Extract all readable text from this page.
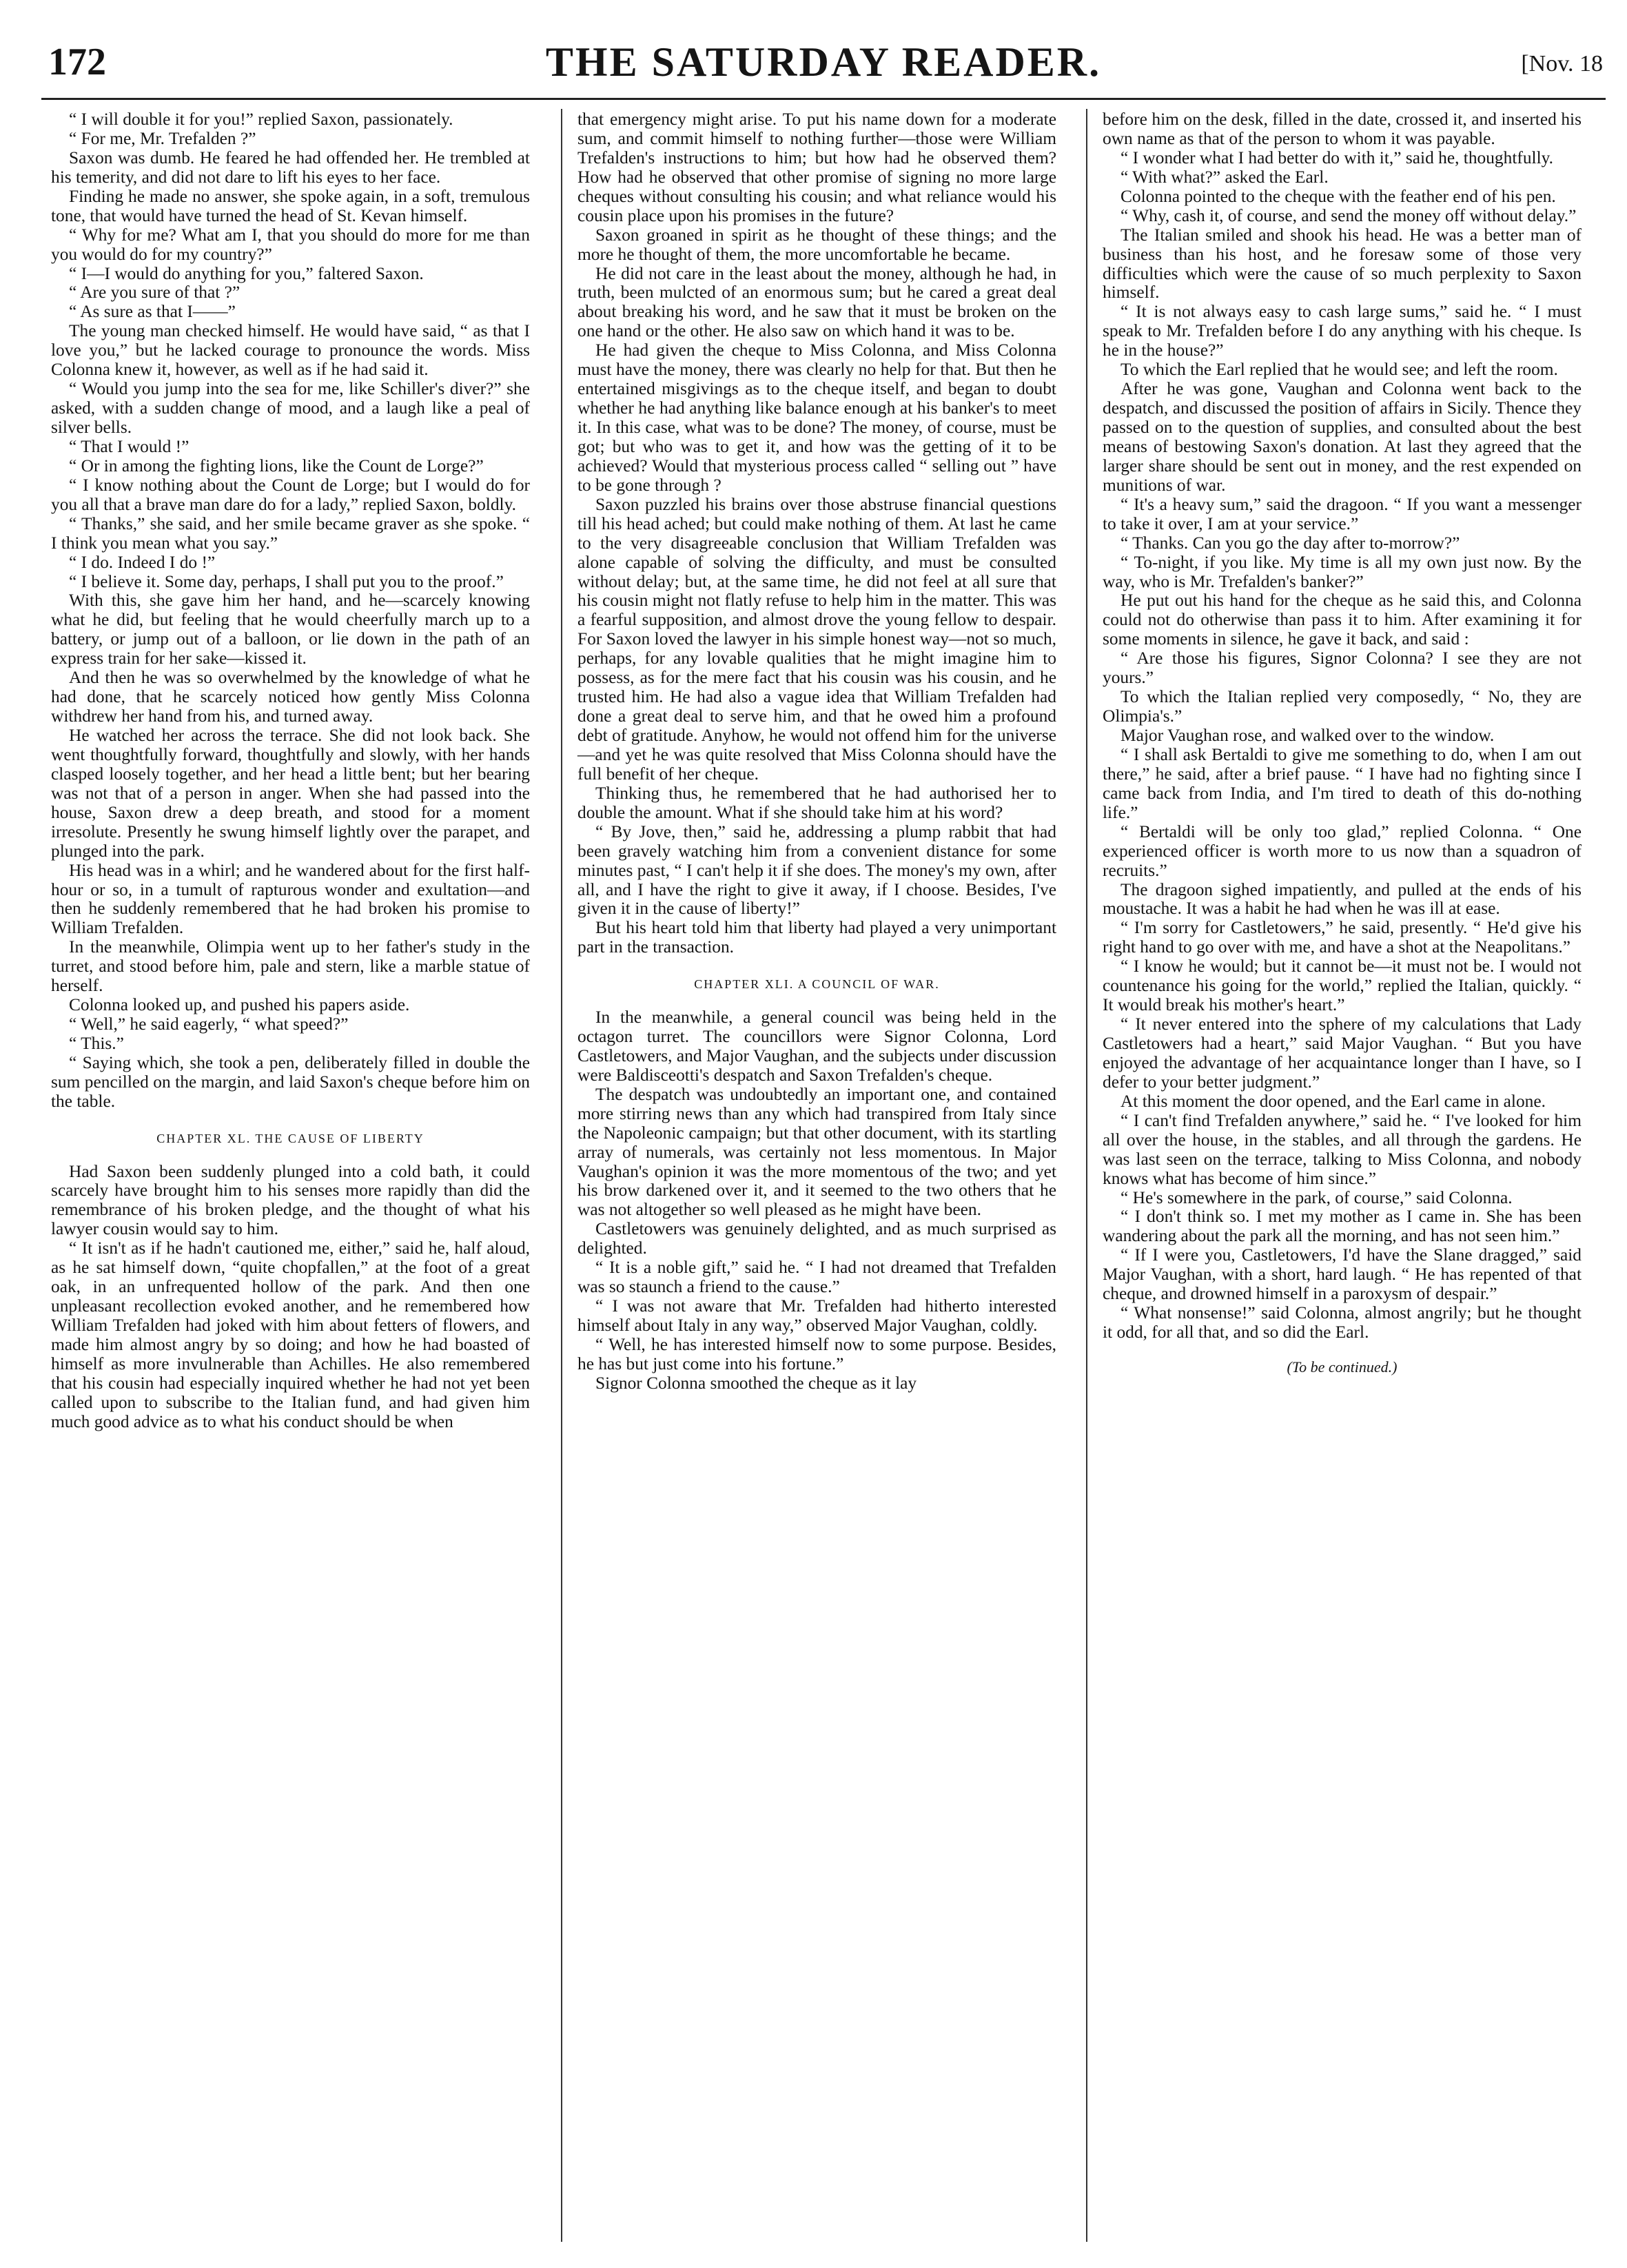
172	THE SATURDAY READER.	[Nov. 18

“ I will double it for you!” replied Saxon, passionately.

“ For me, Mr. Trefalden ?”

Saxon was dumb. He feared he had offended her. He trembled at his temerity, and did not dare to lift his eyes to her face.

Finding he made no answer, she spoke again, in a soft, tremulous tone, that would have turned the head of St. Kevan himself.

“ Why for me? What am I, that you should do more for me than you would do for my country?”

“ I—I would do anything for you,” faltered Saxon.

“ Are you sure of that ?”

“ As sure as that I——”

The young man checked himself. He would have said, “ as that I love you,” but he lacked courage to pronounce the words. Miss Colonna knew it, however, as well as if he had said it.

“ Would you jump into the sea for me, like Schiller's diver?” she asked, with a sudden change of mood, and a laugh like a peal of silver bells.

“ That I would !”

“ Or in among the fighting lions, like the Count de Lorge?”

“ I know nothing about the Count de Lorge; but I would do for you all that a brave man dare do for a lady,” replied Saxon, boldly.

“ Thanks,” she said, and her smile became graver as she spoke. “ I think you mean what you say.”

“ I do. Indeed I do !”

“ I believe it. Some day, perhaps, I shall put you to the proof.”

With this, she gave him her hand, and he—scarcely knowing what he did, but feeling that he would cheerfully march up to a battery, or jump out of a balloon, or lie down in the path of an express train for her sake—kissed it.

And then he was so overwhelmed by the knowledge of what he had done, that he scarcely noticed how gently Miss Colonna withdrew her hand from his, and turned away.

He watched her across the terrace. She did not look back. She went thoughtfully forward, thoughtfully and slowly, with her hands clasped loosely together, and her head a little bent; but her bearing was not that of a person in anger. When she had passed into the house, Saxon drew a deep breath, and stood for a moment irresolute. Presently he swung himself lightly over the parapet, and plunged into the park.

His head was in a whirl; and he wandered about for the first half-hour or so, in a tumult of rapturous wonder and exultation—and then he suddenly remembered that he had broken his promise to William Trefalden.

In the meanwhile, Olimpia went up to her father's study in the turret, and stood before him, pale and stern, like a marble statue of herself.

Colonna looked up, and pushed his papers aside.

“ Well,” he said eagerly, “ what speed?”

“ This.”

“ Saying which, she took a pen, deliberately filled in double the sum pencilled on the margin, and laid Saxon's cheque before him on the table.

CHAPTER XL. THE CAUSE OF LIBERTY

Had Saxon been suddenly plunged into a cold bath, it could scarcely have brought him to his senses more rapidly than did the remembrance of his broken pledge, and the thought of what his lawyer cousin would say to him.

“ It isn't as if he hadn't cautioned me, either,” said he, half aloud, as he sat himself down, “quite chopfallen,” at the foot of a great oak, in an unfrequented hollow of the park. And then one unpleasant recollection evoked another, and he remembered how William Trefalden had joked with him about fetters of flowers, and made him almost angry by so doing; and how he had boasted of himself as more invulnerable than Achilles. He also remembered that his cousin had especially inquired whether he had not yet been called upon to subscribe to the Italian fund, and had given him much good advice as to what his conduct should be when

that emergency might arise. To put his name down for a moderate sum, and commit himself to nothing further—those were William Trefalden's instructions to him; but how had he observed them? How had he observed that other promise of signing no more large cheques without consulting his cousin; and what reliance would his cousin place upon his promises in the future?

Saxon groaned in spirit as he thought of these things; and the more he thought of them, the more uncomfortable he became.

He did not care in the least about the money, although he had, in truth, been mulcted of an enormous sum; but he cared a great deal about breaking his word, and he saw that it must be broken on the one hand or the other. He also saw on which hand it was to be.

He had given the cheque to Miss Colonna, and Miss Colonna must have the money, there was clearly no help for that. But then he entertained misgivings as to the cheque itself, and began to doubt whether he had anything like balance enough at his banker's to meet it. In this case, what was to be done? The money, of course, must be got; but who was to get it, and how was the getting of it to be achieved? Would that mysterious process called “ selling out ” have to be gone through ?

Saxon puzzled his brains over those abstruse financial questions till his head ached; but could make nothing of them. At last he came to the very disagreeable conclusion that William Trefalden was alone capable of solving the difficulty, and must be consulted without delay; but, at the same time, he did not feel at all sure that his cousin might not flatly refuse to help him in the matter. This was a fearful supposition, and almost drove the young fellow to despair. For Saxon loved the lawyer in his simple honest way—not so much, perhaps, for any lovable qualities that he might imagine him to possess, as for the mere fact that his cousin was his cousin, and he trusted him. He had also a vague idea that William Trefalden had done a great deal to serve him, and that he owed him a profound debt of gratitude. Anyhow, he would not offend him for the universe—and yet he was quite resolved that Miss Colonna should have the full benefit of her cheque.

Thinking thus, he remembered that he had authorised her to double the amount. What if she should take him at his word?

“ By Jove, then,” said he, addressing a plump rabbit that had been gravely watching him from a convenient distance for some minutes past, “ I can't help it if she does. The money's my own, after all, and I have the right to give it away, if I choose. Besides, I've given it in the cause of liberty!”

But his heart told him that liberty had played a very unimportant part in the transaction.

CHAPTER XLI. A COUNCIL OF WAR.

In the meanwhile, a general council was being held in the octagon turret. The councillors were Signor Colonna, Lord Castletowers, and Major Vaughan, and the subjects under discussion were Baldisceotti's despatch and Saxon Trefalden's cheque.

The despatch was undoubtedly an important one, and contained more stirring news than any which had transpired from Italy since the Napoleonic campaign; but that other document, with its startling array of numerals, was certainly not less momentous. In Major Vaughan's opinion it was the more momentous of the two; and yet his brow darkened over it, and it seemed to the two others that he was not altogether so well pleased as he might have been.

Castletowers was genuinely delighted, and as much surprised as delighted.

“ It is a noble gift,” said he. “ I had not dreamed that Trefalden was so staunch a friend to the cause.”

“ I was not aware that Mr. Trefalden had hitherto interested himself about Italy in any way,” observed Major Vaughan, coldly.

“ Well, he has interested himself now to some purpose. Besides, he has but just come into his fortune.”

Signor Colonna smoothed the cheque as it lay

before him on the desk, filled in the date, crossed it, and inserted his own name as that of the person to whom it was payable.

“ I wonder what I had better do with it,” said he, thoughtfully.

“ With what?” asked the Earl.

Colonna pointed to the cheque with the feather end of his pen.

“ Why, cash it, of course, and send the money off without delay.”

The Italian smiled and shook his head. He was a better man of business than his host, and he foresaw some of those very difficulties which were the cause of so much perplexity to Saxon himself.

“ It is not always easy to cash large sums,” said he. “ I must speak to Mr. Trefalden before I do any anything with his cheque. Is he in the house?”

To which the Earl replied that he would see; and left the room.

After he was gone, Vaughan and Colonna went back to the despatch, and discussed the position of affairs in Sicily. Thence they passed on to the question of supplies, and consulted about the best means of bestowing Saxon's donation. At last they agreed that the larger share should be sent out in money, and the rest expended on munitions of war.

“ It's a heavy sum,” said the dragoon. “ If you want a messenger to take it over, I am at your service.”

“ Thanks. Can you go the day after to-morrow?”

“ To-night, if you like. My time is all my own just now. By the way, who is Mr. Trefalden's banker?”

He put out his hand for the cheque as he said this, and Colonna could not do otherwise than pass it to him. After examining it for some moments in silence, he gave it back, and said :

“ Are those his figures, Signor Colonna? I see they are not yours.”

To which the Italian replied very composedly, “ No, they are Olimpia's.”

Major Vaughan rose, and walked over to the window.

“ I shall ask Bertaldi to give me something to do, when I am out there,” he said, after a brief pause. “ I have had no fighting since I came back from India, and I'm tired to death of this do-nothing life.”

“ Bertaldi will be only too glad,” replied Colonna. “ One experienced officer is worth more to us now than a squadron of recruits.”

The dragoon sighed impatiently, and pulled at the ends of his moustache. It was a habit he had when he was ill at ease.

“ I'm sorry for Castletowers,” he said, presently. “ He'd give his right hand to go over with me, and have a shot at the Neapolitans.”

“ I know he would; but it cannot be—it must not be. I would not countenance his going for the world,” replied the Italian, quickly. “ It would break his mother's heart.”

“ It never entered into the sphere of my calculations that Lady Castletowers had a heart,” said Major Vaughan. “ But you have enjoyed the advantage of her acquaintance longer than I have, so I defer to your better judgment.”

At this moment the door opened, and the Earl came in alone.

“ I can't find Trefalden anywhere,” said he. “ I've looked for him all over the house, in the stables, and all through the gardens. He was last seen on the terrace, talking to Miss Colonna, and nobody knows what has become of him since.”

“ He's somewhere in the park, of course,” said Colonna.

“ I don't think so. I met my mother as I came in. She has been wandering about the park all the morning, and has not seen him.”

“ If I were you, Castletowers, I'd have the Slane dragged,” said Major Vaughan, with a short, hard laugh. “ He has repented of that cheque, and drowned himself in a paroxysm of despair.”

“ What nonsense!” said Colonna, almost angrily; but he thought it odd, for all that, and so did the Earl.

(To be continued.)
